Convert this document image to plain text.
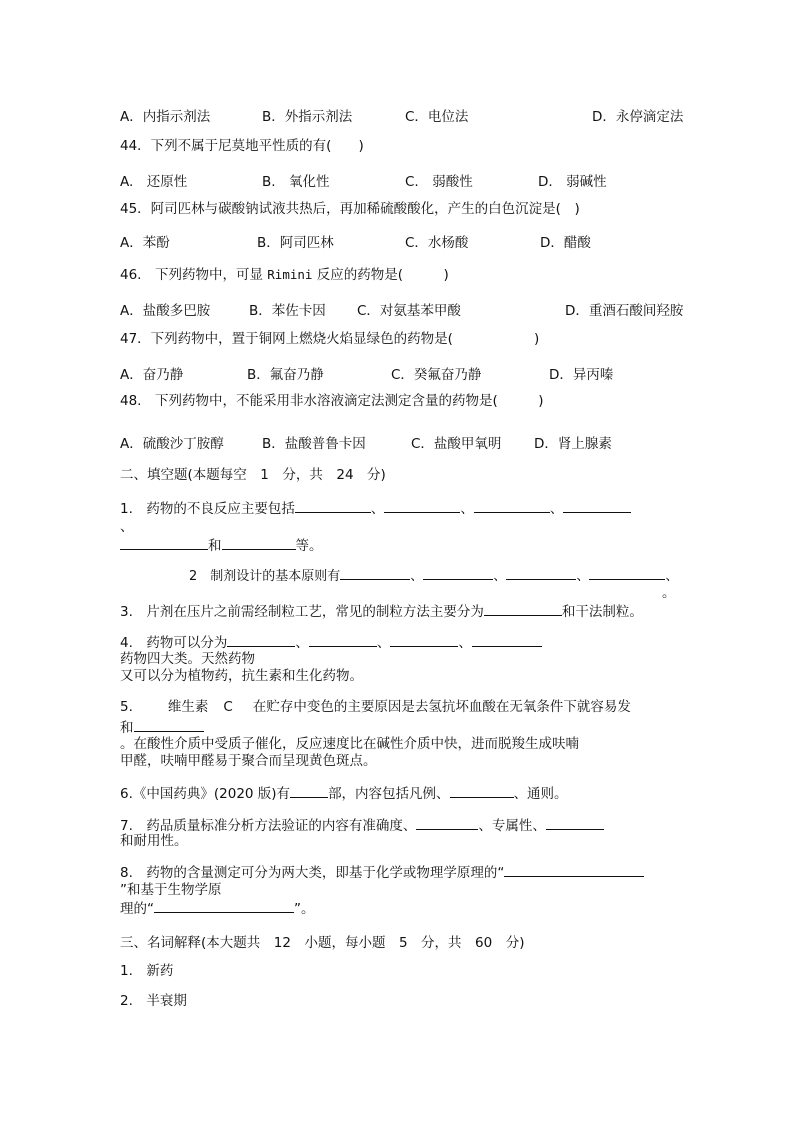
A．内指示剂法	B．外指示剂法	C．电位法	D．永停滴定法
44．下列不属于尼莫地平性质的有(　　)
A.　还原性	B.　氧化性	C.　弱酸性	D.　弱碱性
45．阿司匹林与碳酸钠试液共热后，再加稀硫酸酸化，产生的白色沉淀是(　)
A．苯酚	B．阿司匹林	C．水杨酸	D．醋酸
46.　下列药物中，可显 Rimini 反应的药物是(　　　)
A．盐酸多巴胺	B．苯佐卡因 C．对氨基苯甲酸	D．重酒石酸间羟胺
47．下列药物中，置于铜网上燃烧火焰显绿色的药物是(　　　　　　)
A．奋乃静	B．氟奋乃静	C．癸氟奋乃静	D．异丙嗪
48.　下列药物中，不能采用非水溶液滴定法测定含量的药物是(　　　)
A．硫酸沙丁胺醇	B．盐酸普鲁卡因	C．盐酸甲氧明 D．肾上腺素
二、填空题(本题每空　1　分，共　24　分)
1.　药物的不良反应主要包括	、	、	、
、
和	等。
2　制剂设计的基本原则有	、	、	、	、
。
3.　片剂在压片之前需经制粒工艺，常见的制粒方法主要分为	和干法制粒。
4.　药物可以分为	、	、	、
药物四大类。天然药物
又可以分为植物药，抗生素和生化药物。
5.	维生素 C 在贮存中变色的主要原因是去氢抗坏血酸在无氧条件下就容易发
和
。在酸性介质中受质子催化，反应速度比在碱性介质中快，进而脱羧生成呋喃
甲醛，呋喃甲醛易于聚合而呈现黄色斑点。
6.《中国药典》(2020 版)有	部，内容包括凡例、	、通则。
7.　药品质量标准分析方法验证的内容有准确度、	、专属性、
和耐用性。
8.　药物的含量测定可分为两大类，即基于化学或物理学原理的“
”和基于生物学原
理的“	”。
三、名词解释(本大题共　12　小题，每小题　5　分，共　60　分)
1.　新药
2.　半衰期
